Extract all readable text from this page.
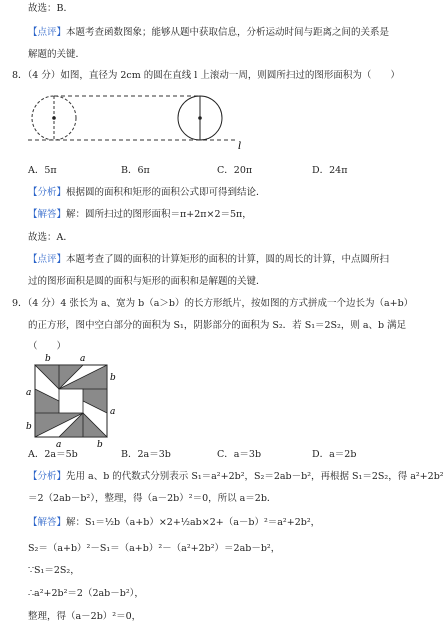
故选：B．
【点评】本题考查函数图象；能够从题中获取信息，分析运动时间与距离之间的关系是
解题的关键．
8．（4 分）如图，直径为 2cm 的圆在直线 l 上滚动一周，则圆所扫过的图形面积为（　　）
l
A．5π	B．6π	C．20π	D．24π
【分析】根据圆的面积和矩形的面积公式即可得到结论．
【解答】解：圆所扫过的图形面积＝π+2π×2＝5π，
故选：A．
【点评】本题考查了圆的面积的计算矩形的面积的计算，圆的周长的计算，中点圆所扫
过的图形面积是圆的面积与矩形的面积和是解题的关键．
9．（4 分）4 张长为 a、宽为 b（a＞b）的长方形纸片，按如图的方式拼成一个边长为（a+b）
的正方形，图中空白部分的面积为 S₁，阴影部分的面积为 S₂．若 S₁＝2S₂，则 a、b 满足
（　　）
b	a
a
b
b
a
a	b
A．2a＝5b	B．2a＝3b	C．a＝3b	D．a＝2b
【分析】先用 a、b 的代数式分别表示 S₁＝a²+2b²，S₂＝2ab－b²，再根据 S₁＝2S₂，得 a²+2b²
＝2（2ab－b²），整理，得（a－2b）²＝0，所以 a＝2b．
【解答】解：S₁＝½b（a+b）×2+½ab×2+（a－b）²＝a²+2b²，
S₂＝（a+b）²－S₁＝（a+b）²－（a²+2b²）＝2ab－b²，
∵S₁＝2S₂，
∴a²+2b²＝2（2ab－b²），
整理，得（a－2b）²＝0，
